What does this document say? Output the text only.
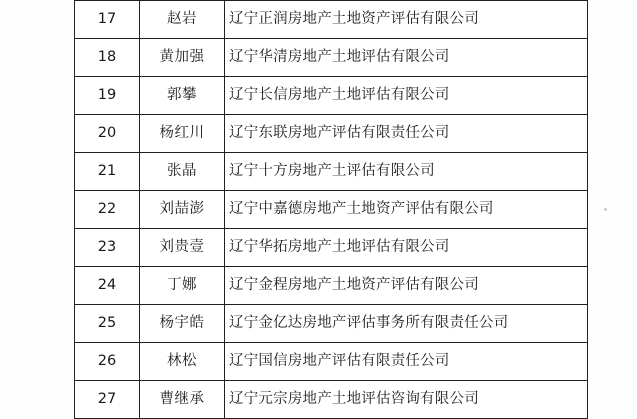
17	赵岩	辽宁正润房地产土地资产评估有限公司
18	黄加强	辽宁华清房地产土地评估有限公司
19	郭攀	辽宁长信房地产土地评估有限公司
20	杨红川	辽宁东联房地产评估有限责任公司
21	张晶	辽宁十方房地产土评估有限公司
22	刘喆澎	辽宁中嘉德房地产土地资产评估有限公司
23	刘贵壹	辽宁华拓房地产土地评估有限公司
24	丁娜	辽宁金程房地产土地资产评估有限公司
25	杨宇皓	辽宁金亿达房地产评估事务所有限责任公司
26	林松	辽宁国信房地产评估有限责任公司
27	曹继承	辽宁元宗房地产土地评估咨询有限公司
